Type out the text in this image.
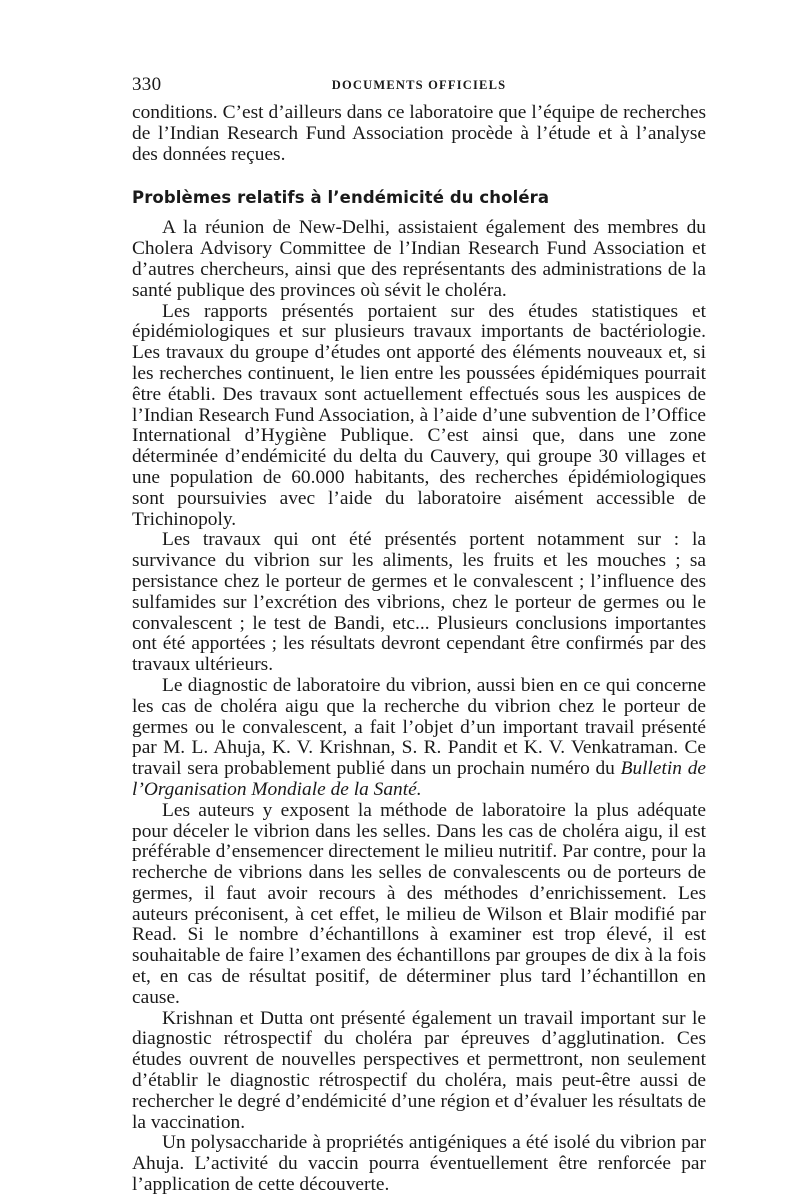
330	DOCUMENTS OFFICIELS

conditions. C’est d’ailleurs dans ce laboratoire que l’équipe de recherches de l’Indian Research Fund Association procède à l’étude et à l’analyse des données reçues.

Problèmes relatifs à l’endémicité du choléra

A la réunion de New-Delhi, assistaient également des membres du Cholera Advisory Committee de l’Indian Research Fund Association et d’autres chercheurs, ainsi que des représentants des administrations de la santé publique des provinces où sévit le choléra.

Les rapports présentés portaient sur des études statistiques et épidémiologiques et sur plusieurs travaux importants de bactériologie. Les travaux du groupe d’études ont apporté des éléments nouveaux et, si les recherches continuent, le lien entre les poussées épidémiques pourrait être établi. Des travaux sont actuellement effectués sous les auspices de l’Indian Research Fund Association, à l’aide d’une subvention de l’Office International d’Hygiène Publique. C’est ainsi que, dans une zone déterminée d’endémicité du delta du Cauvery, qui groupe 30 villages et une population de 60.000 habitants, des recherches épidémiologiques sont poursuivies avec l’aide du laboratoire aisément accessible de Trichinopoly.

Les travaux qui ont été présentés portent notamment sur : la survivance du vibrion sur les aliments, les fruits et les mouches ; sa persistance chez le porteur de germes et le convalescent ; l’influence des sulfamides sur l’excrétion des vibrions, chez le porteur de germes ou le convalescent ; le test de Bandi, etc... Plusieurs conclusions importantes ont été apportées ; les résultats devront cependant être confirmés par des travaux ultérieurs.

Le diagnostic de laboratoire du vibrion, aussi bien en ce qui concerne les cas de choléra aigu que la recherche du vibrion chez le porteur de germes ou le convalescent, a fait l’objet d’un important travail présenté par M. L. Ahuja, K. V. Krishnan, S. R. Pandit et K. V. Venkatraman. Ce travail sera probablement publié dans un prochain numéro du Bulletin de l’Organisation Mondiale de la Santé.

Les auteurs y exposent la méthode de laboratoire la plus adéquate pour déceler le vibrion dans les selles. Dans les cas de choléra aigu, il est préférable d’ensemencer directement le milieu nutritif. Par contre, pour la recherche de vibrions dans les selles de convalescents ou de porteurs de germes, il faut avoir recours à des méthodes d’enrichissement. Les auteurs préconisent, à cet effet, le milieu de Wilson et Blair modifié par Read. Si le nombre d’échantillons à examiner est trop élevé, il est souhaitable de faire l’examen des échantillons par groupes de dix à la fois et, en cas de résultat positif, de déterminer plus tard l’échantillon en cause.

Krishnan et Dutta ont présenté également un travail important sur le diagnostic rétrospectif du choléra par épreuves d’agglutination. Ces études ouvrent de nouvelles perspectives et permettront, non seulement d’établir le diagnostic rétrospectif du choléra, mais peut-être aussi de rechercher le degré d’endémicité d’une région et d’évaluer les résultats de la vaccination.

Un polysaccharide à propriétés antigéniques a été isolé du vibrion par Ahuja. L’activité du vaccin pourra éventuellement être renforcée par l’application de cette découverte.
